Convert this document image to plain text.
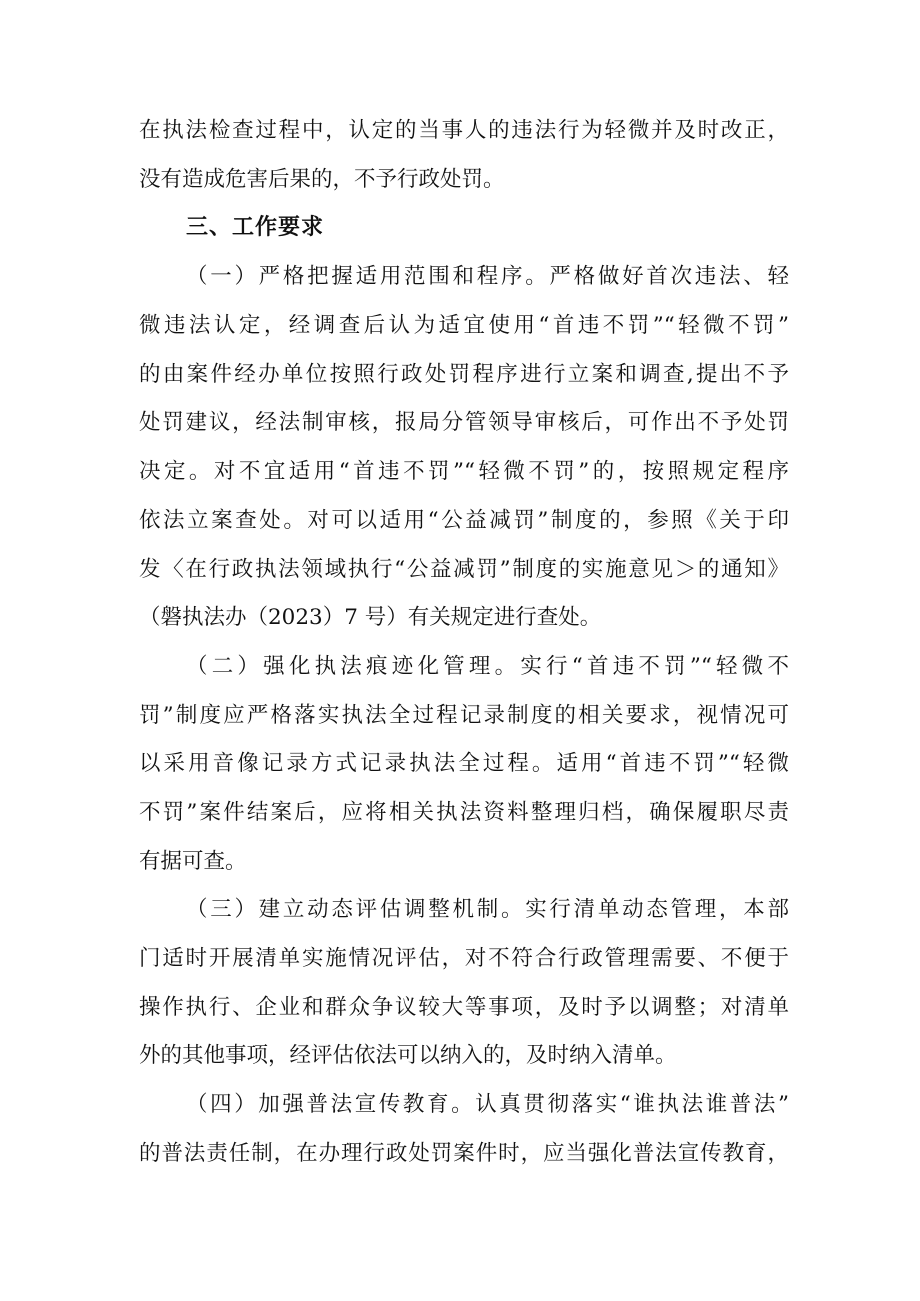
在执法检查过程中，认定的当事人的违法行为轻微并及时改正，
没有造成危害后果的，不予行政处罚。
三、工作要求
（一）严格把握适用范围和程序。严格做好首次违法、轻
微违法认定，经调查后认为适宜使用“首违不罚”“轻微不罚”
的由案件经办单位按照行政处罚程序进行立案和调查,提出不予
处罚建议，经法制审核，报局分管领导审核后，可作出不予处罚
决定。对不宜适用“首违不罚”“轻微不罚”的，按照规定程序
依法立案查处。对可以适用“公益减罚”制度的，参照《关于印
发〈在行政执法领域执行“公益减罚”制度的实施意见＞的通知》
（磐执法办（2023）7 号）有关规定进行查处。
（二）强化执法痕迹化管理。实行“首违不罚”“轻微不
罚”制度应严格落实执法全过程记录制度的相关要求，视情况可
以采用音像记录方式记录执法全过程。适用“首违不罚”“轻微
不罚”案件结案后，应将相关执法资料整理归档，确保履职尽责
有据可查。
（三）建立动态评估调整机制。实行清单动态管理，本部
门适时开展清单实施情况评估，对不符合行政管理需要、不便于
操作执行、企业和群众争议较大等事项，及时予以调整；对清单
外的其他事项，经评估依法可以纳入的，及时纳入清单。
（四）加强普法宣传教育。认真贯彻落实“谁执法谁普法”
的普法责任制，在办理行政处罚案件时，应当强化普法宣传教育，
